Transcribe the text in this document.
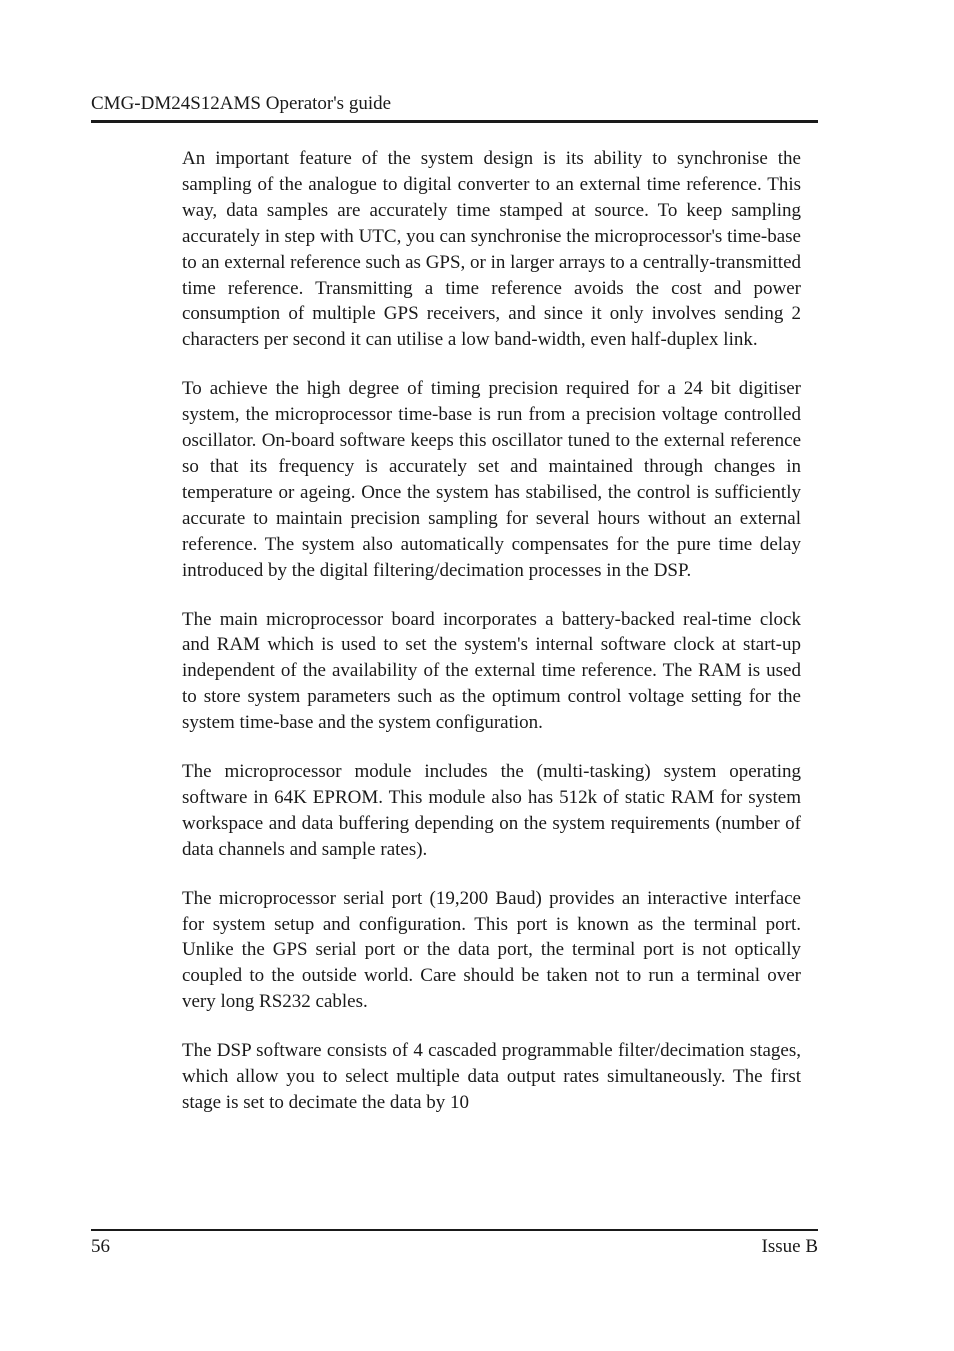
CMG-DM24S12AMS Operator's guide

An important feature of the system design is its ability to synchronise the sampling of the analogue to digital converter to an external time reference. This way, data samples are accurately time stamped at source. To keep sampling accurately in step with UTC, you can synchronise the microprocessor's time-base to an external reference such as GPS, or in larger arrays to a centrally-transmitted time reference. Transmitting a time reference avoids the cost and power consumption of multiple GPS receivers, and since it only involves sending 2 characters per second it can utilise a low band-width, even half-duplex link.

To achieve the high degree of timing precision required for a 24 bit digitiser system, the microprocessor time-base is run from a precision voltage controlled oscillator. On-board software keeps this oscillator tuned to the external reference so that its frequency is accurately set and maintained through changes in temperature or ageing. Once the system has stabilised, the control is sufficiently accurate to maintain precision sampling for several hours without an external reference. The system also automatically compensates for the pure time delay introduced by the digital filtering/decimation processes in the DSP.

The main microprocessor board incorporates a battery-backed real-time clock and RAM which is used to set the system's internal software clock at start-up independent of the availability of the external time reference. The RAM is used to store system parameters such as the optimum control voltage setting for the system time-base and the system configuration.

The microprocessor module includes the (multi-tasking) system operating software in 64K EPROM. This module also has 512k of static RAM for system workspace and data buffering depending on the system requirements (number of data channels and sample rates).

The microprocessor serial port (19,200 Baud) provides an interactive interface for system setup and configuration. This port is known as the terminal port. Unlike the GPS serial port or the data port, the terminal port is not optically coupled to the outside world. Care should be taken not to run a terminal over very long RS232 cables.

The DSP software consists of 4 cascaded programmable filter/decimation stages, which allow you to select multiple data output rates simultaneously. The first stage is set to decimate the data by 10

56	Issue B
